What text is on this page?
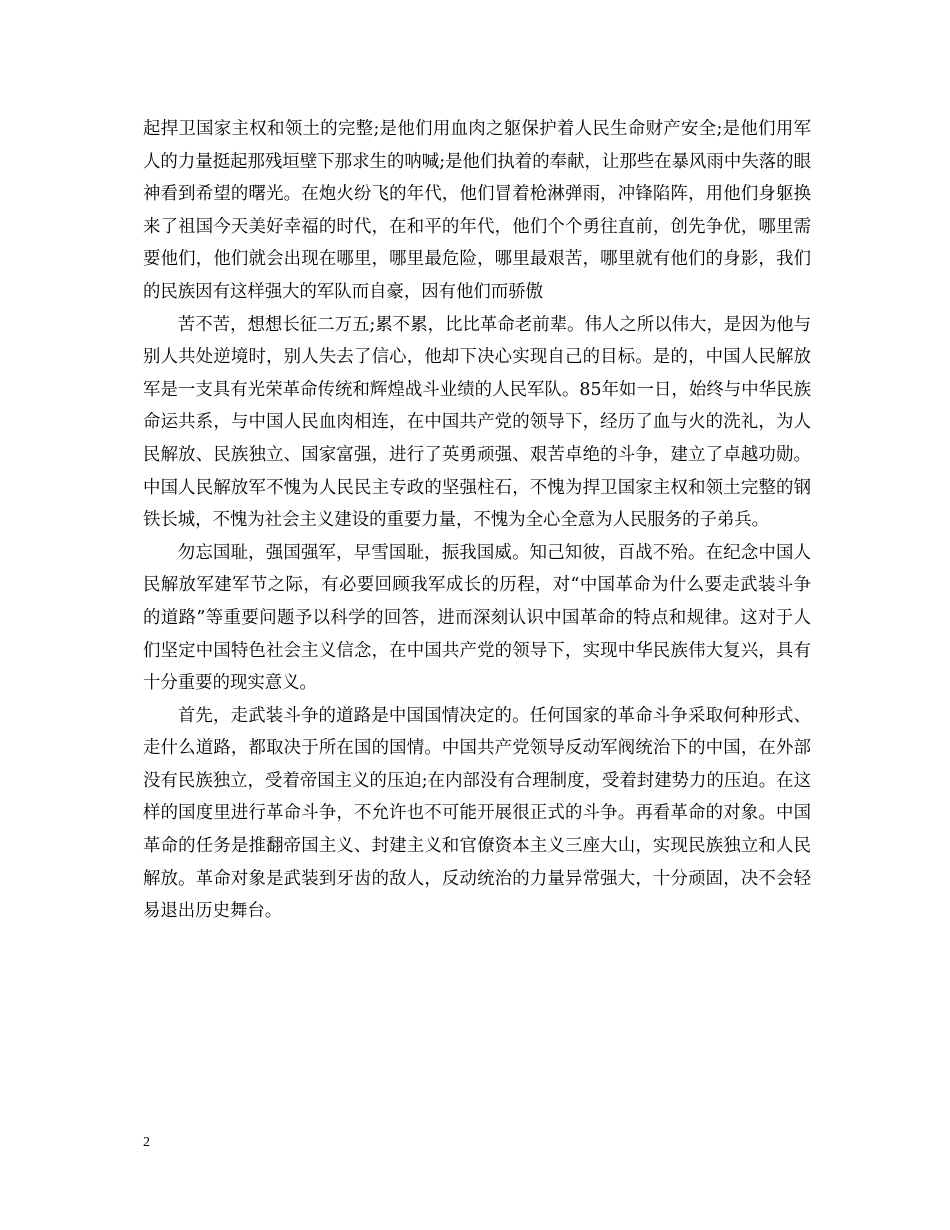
起捍卫国家主权和领土的完整;是他们用血肉之躯保护着人民生命财产安全;是他们用军人的力量挺起那残垣壁下那求生的呐喊;是他们执着的奉献，让那些在暴风雨中失落的眼神看到希望的曙光。在炮火纷飞的年代，他们冒着枪淋弹雨，冲锋陷阵，用他们身躯换来了祖国今天美好幸福的时代，在和平的年代，他们个个勇往直前，创先争优，哪里需要他们，他们就会出现在哪里，哪里最危险，哪里最艰苦，哪里就有他们的身影，我们的民族因有这样强大的军队而自豪，因有他们而骄傲

苦不苦，想想长征二万五;累不累，比比革命老前辈。伟人之所以伟大，是因为他与别人共处逆境时，别人失去了信心，他却下决心实现自己的目标。是的，中国人民解放军是一支具有光荣革命传统和辉煌战斗业绩的人民军队。85年如一日，始终与中华民族命运共系，与中国人民血肉相连，在中国共产党的领导下，经历了血与火的洗礼，为人民解放、民族独立、国家富强，进行了英勇顽强、艰苦卓绝的斗争，建立了卓越功勋。中国人民解放军不愧为人民民主专政的坚强柱石，不愧为捍卫国家主权和领土完整的钢铁长城，不愧为社会主义建设的重要力量，不愧为全心全意为人民服务的子弟兵。

勿忘国耻，强国强军，早雪国耻，振我国威。知己知彼，百战不殆。在纪念中国人民解放军建军节之际，有必要回顾我军成长的历程，对“中国革命为什么要走武装斗争的道路”等重要问题予以科学的回答，进而深刻认识中国革命的特点和规律。这对于人们坚定中国特色社会主义信念，在中国共产党的领导下，实现中华民族伟大复兴，具有十分重要的现实意义。

首先，走武装斗争的道路是中国国情决定的。任何国家的革命斗争采取何种形式、走什么道路，都取决于所在国的国情。中国共产党领导反动军阀统治下的中国，在外部没有民族独立，受着帝国主义的压迫;在内部没有合理制度，受着封建势力的压迫。在这样的国度里进行革命斗争，不允许也不可能开展很正式的斗争。再看革命的对象。中国革命的任务是推翻帝国主义、封建主义和官僚资本主义三座大山，实现民族独立和人民解放。革命对象是武装到牙齿的敌人，反动统治的力量异常强大，十分顽固，决不会轻易退出历史舞台。

2
